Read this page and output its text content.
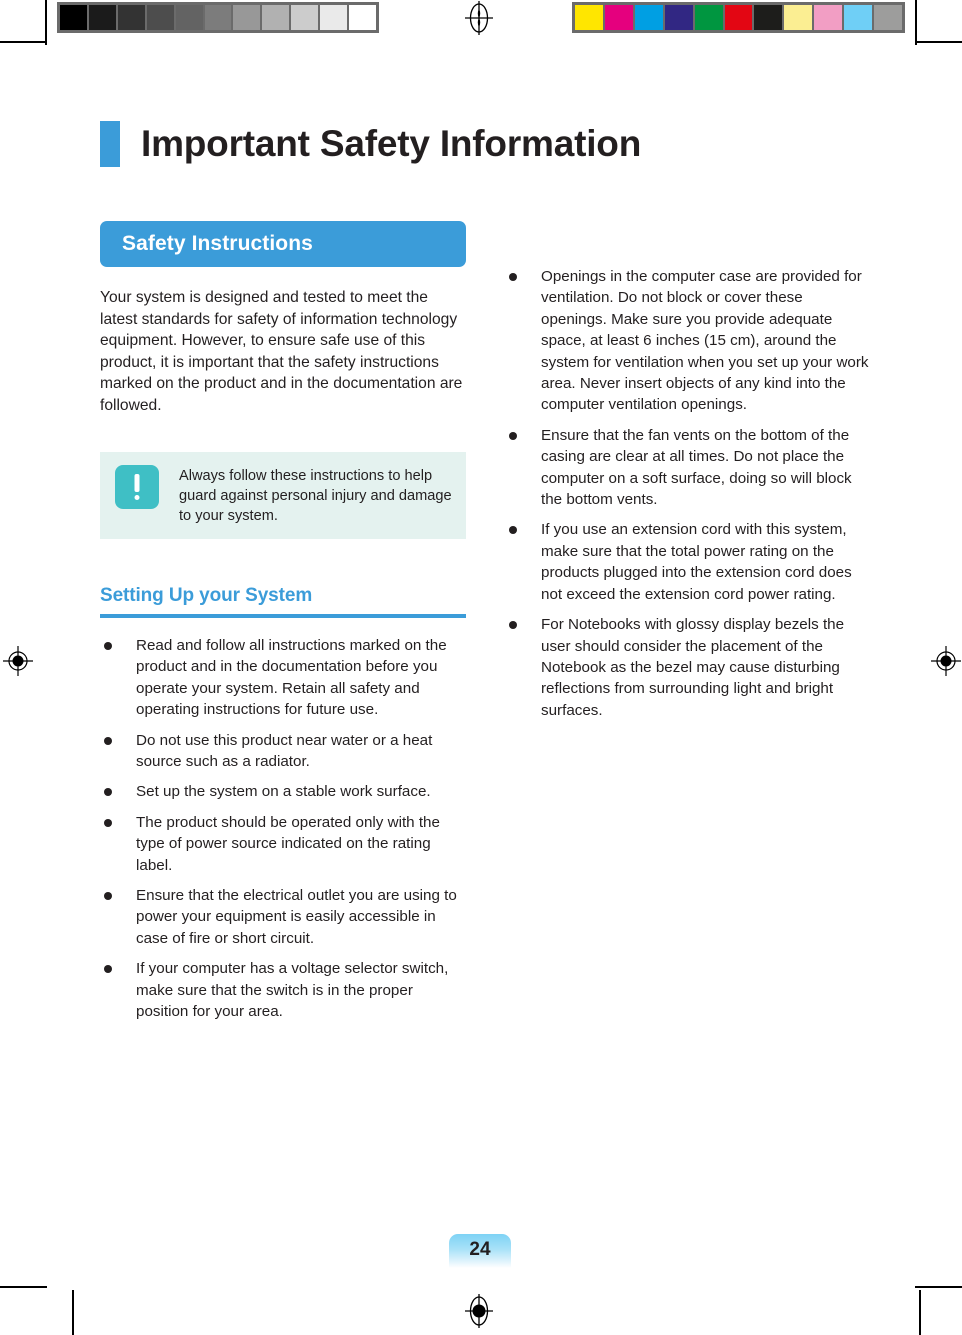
Important Safety Information
Safety Instructions

Your system is designed and tested to meet the latest standards for safety of information technology equipment. However, to ensure safe use of this product, it is important that the safety instructions marked on the product and in the documentation are followed.

Always follow these instructions to help guard against personal injury and damage to your system.
Setting Up your System
Read and follow all instructions marked on the product and in the documentation before you operate your system. Retain all safety and operating instructions for future use.
Do not use this product near water or a heat source such as a radiator.
Set up the system on a stable work surface.
The product should be operated only with the type of power source indicated on the rating label.
Ensure that the electrical outlet you are using to power your equipment is easily accessible in case of fire or short circuit.
If your computer has a voltage selector switch, make sure that the switch is in the proper position for your area.
Openings in the computer case are provided for ventilation. Do not block or cover these openings. Make sure you provide adequate space, at least 6 inches (15 cm), around the system for ventilation when you set up your work area. Never insert objects of any kind into the computer ventilation openings.
Ensure that the fan vents on the bottom of the casing are clear at all times. Do not place the computer on a soft surface, doing so will block the bottom vents.
If you use an extension cord with this system, make sure that the total power rating on the products plugged into the extension cord does not exceed the extension cord power rating.
For Notebooks with glossy display bezels the user should consider the placement of the Notebook as the bezel may cause disturbing reflections from surrounding light and bright surfaces.
24
